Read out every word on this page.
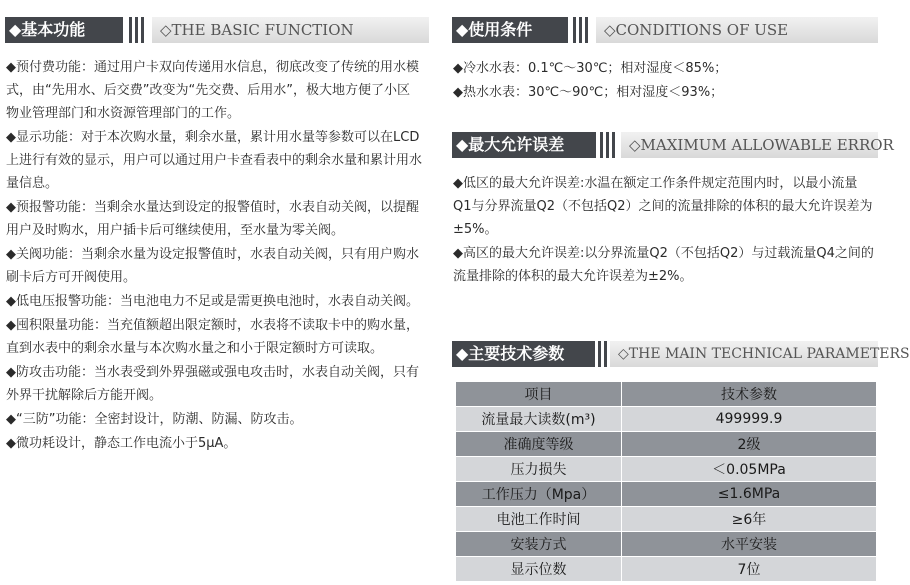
◆基本功能	◇THE BASIC FUNCTION

◆预付费功能：通过用户卡双向传递用水信息，彻底改变了传统的用水模式，由“先用水、后交费”改变为“先交费、后用水”，极大地方便了小区物业管理部门和水资源管理部门的工作。

◆显示功能：对于本次购水量，剩余水量，累计用水量等参数可以在LCD上进行有效的显示，用户可以通过用户卡查看表中的剩余水量和累计用水量信息。

◆预报警功能：当剩余水量达到设定的报警值时，水表自动关阀，以提醒用户及时购水，用户插卡后可继续使用，至水量为零关阀。

◆关阀功能：当剩余水量为设定报警值时，水表自动关阀，只有用户购水刷卡后方可开阀使用。

◆低电压报警功能：当电池电力不足或是需更换电池时，水表自动关阀。

◆囤积限量功能：当充值额超出限定额时，水表将不读取卡中的购水量，直到水表中的剩余水量与本次购水量之和小于限定额时方可读取。

◆防攻击功能：当水表受到外界强磁或强电攻击时，水表自动关阀，只有外界干扰解除后方能开阀。

◆“三防”功能：全密封设计，防潮、防漏、防攻击。

◆微功耗设计，静态工作电流小于5μA。

◆使用条件	◇CONDITIONS OF USE

◆冷水水表：0.1℃～30℃；相对湿度＜85%；

◆热水水表：30℃～90℃；相对湿度＜93%；

◆最大允许误差	◇MAXIMUM ALLOWABLE ERROR

◆低区的最大允许误差:水温在额定工作条件规定范围内时，以最小流量Q1与分界流量Q2（不包括Q2）之间的流量排除的体积的最大允许误差为±5%。

◆高区的最大允许误差:以分界流量Q2（不包括Q2）与过载流量Q4之间的流量排除的体积的最大允许误差为±2%。

◆主要技术参数	◇THE MAIN TECHNICAL PARAMETERS
项目	技术参数
流量最大读数(m³)	499999.9
准确度等级	2级
压力损失	＜0.05MPa
工作压力（Mpa）	≤1.6MPa
电池工作时间	≥6年
安装方式	水平安装
显示位数	7位
